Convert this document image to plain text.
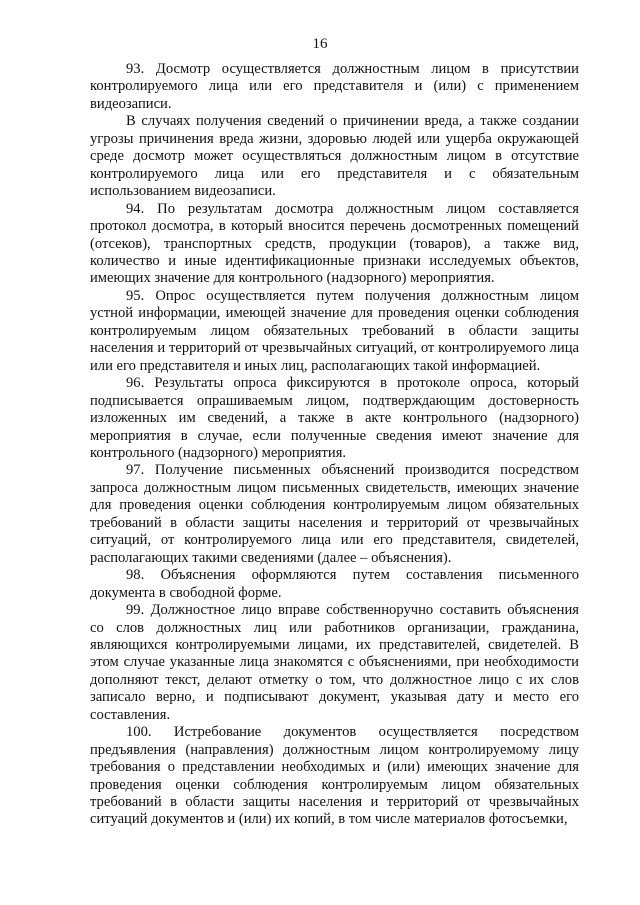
16

93. Досмотр осуществляется должностным лицом в присутствии контролируемого лица или его представителя и (или) с применением видеозаписи.

В случаях получения сведений о причинении вреда, а также создании угрозы причинения вреда жизни, здоровью людей или ущерба окружающей среде досмотр может осуществляться должностным лицом в отсутствие контролируемого лица или его представителя и с обязательным использованием видеозаписи.

94. По результатам досмотра должностным лицом составляется протокол досмотра, в который вносится перечень досмотренных помещений (отсеков), транспортных средств, продукции (товаров), а также вид, количество и иные идентификационные признаки исследуемых объектов, имеющих значение для контрольного (надзорного) мероприятия.

95. Опрос осуществляется путем получения должностным лицом устной информации, имеющей значение для проведения оценки соблюдения контролируемым лицом обязательных требований в области защиты населения и территорий от чрезвычайных ситуаций, от контролируемого лица или его представителя и иных лиц, располагающих такой информацией.

96. Результаты опроса фиксируются в протоколе опроса, который подписывается опрашиваемым лицом, подтверждающим достоверность изложенных им сведений, а также в акте контрольного (надзорного) мероприятия в случае, если полученные сведения имеют значение для контрольного (надзорного) мероприятия.

97. Получение письменных объяснений производится посредством запроса должностным лицом письменных свидетельств, имеющих значение для проведения оценки соблюдения контролируемым лицом обязательных требований в области защиты населения и территорий от чрезвычайных ситуаций, от контролируемого лица или его представителя, свидетелей, располагающих такими сведениями (далее – объяснения).

98. Объяснения оформляются путем составления письменного документа в свободной форме.

99. Должностное лицо вправе собственноручно составить объяснения со слов должностных лиц или работников организации, гражданина, являющихся контролируемыми лицами, их представителей, свидетелей. В этом случае указанные лица знакомятся с объяснениями, при необходимости дополняют текст, делают отметку о том, что должностное лицо с их слов записало верно, и подписывают документ, указывая дату и место его составления.

100. Истребование документов осуществляется посредством предъявления (направления) должностным лицом контролируемому лицу требования о представлении необходимых и (или) имеющих значение для проведения оценки соблюдения контролируемым лицом обязательных требований в области защиты населения и территорий от чрезвычайных ситуаций документов и (или) их копий, в том числе материалов фотосъемки,
